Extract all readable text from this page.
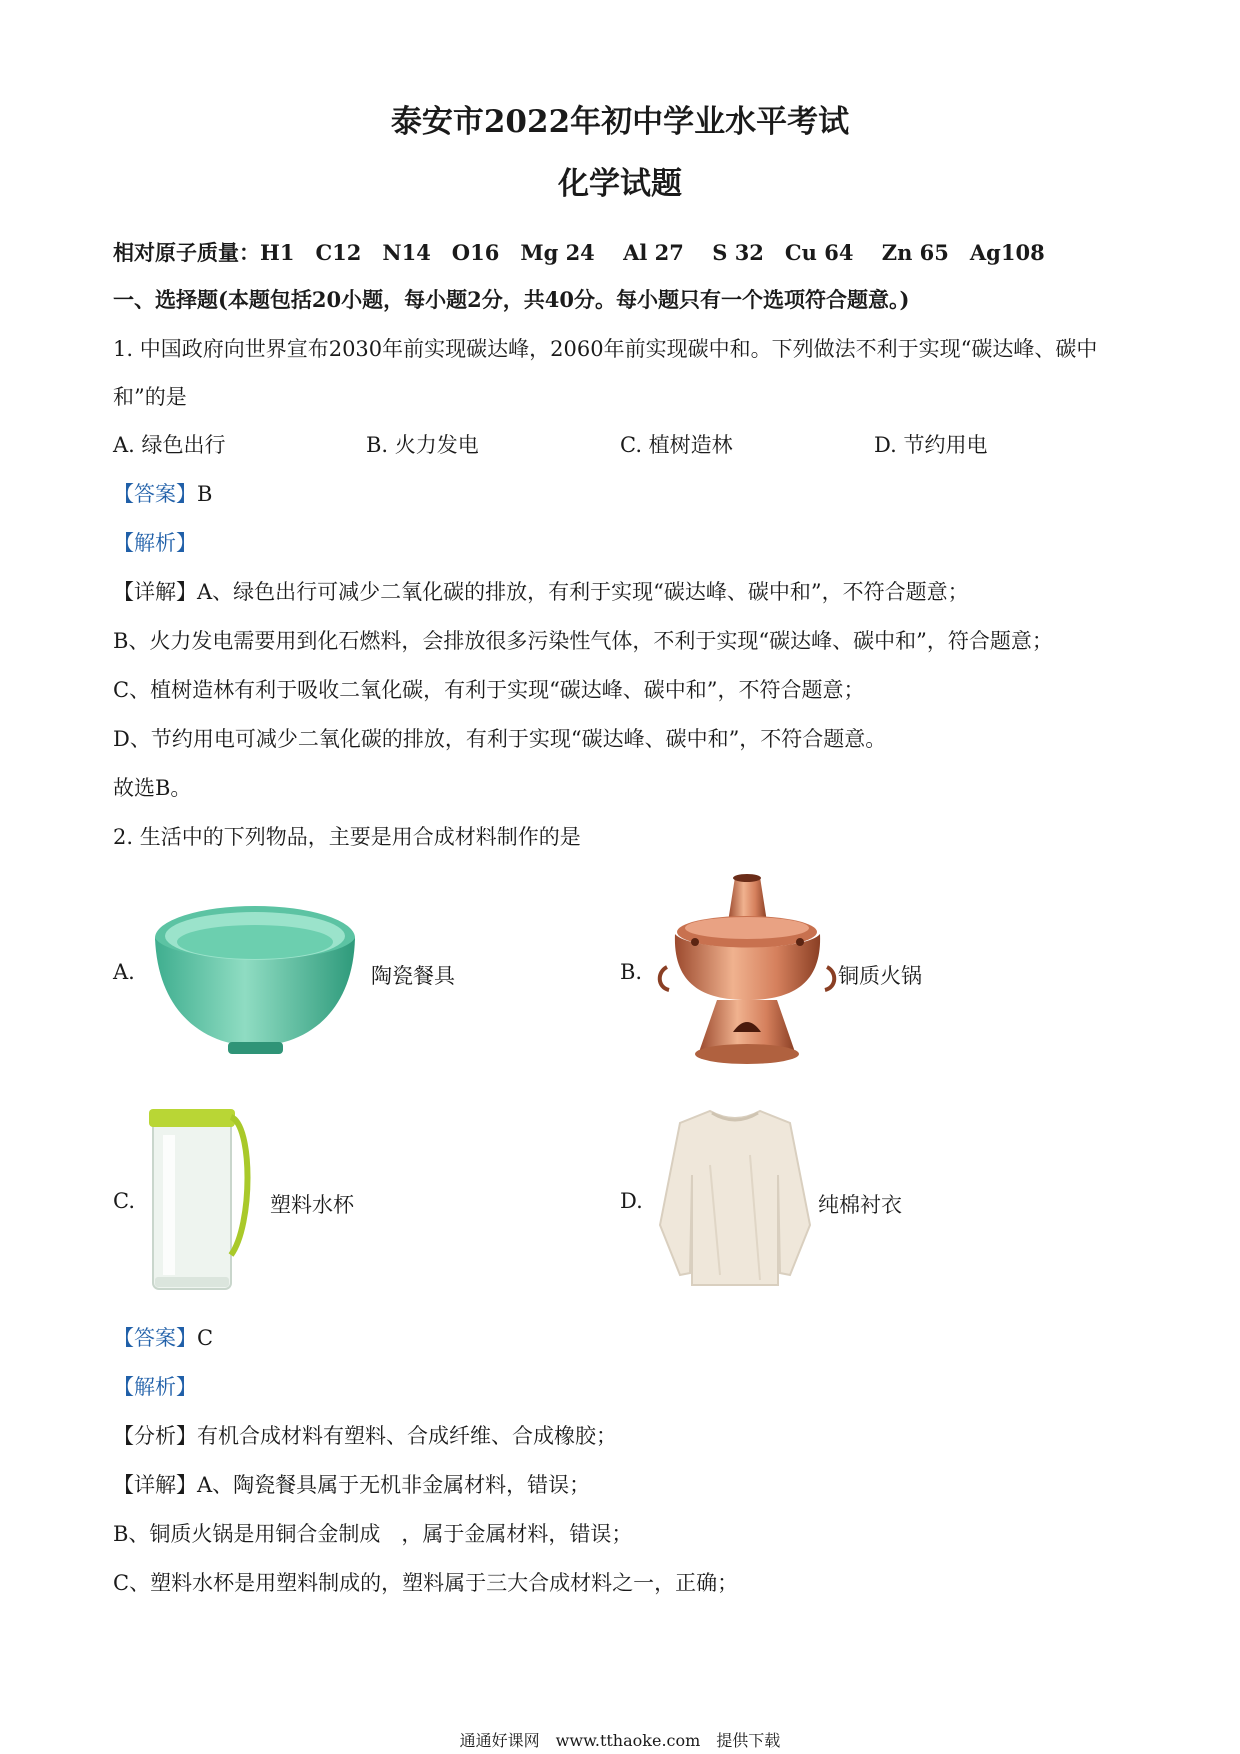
泰安市2022年初中学业水平考试
化学试题
相对原子质量：H1　C12　N14　O16　Mg 24　 Al 27　 S 32　Cu 64　 Zn 65　Ag108
一、选择题(本题包括20小题，每小题2分，共40分。每小题只有一个选项符合题意。)
1. 中国政府向世界宣布2030年前实现碳达峰，2060年前实现碳中和。下列做法不利于实现“碳达峰、碳中
和”的是
A. 绿色出行	B. 火力发电	C. 植树造林	D. 节约用电
【答案】B
【解析】
【详解】A、绿色出行可减少二氧化碳的排放，有利于实现“碳达峰、碳中和”，不符合题意；
B、火力发电需要用到化石燃料，会排放很多污染性气体，不利于实现“碳达峰、碳中和”，符合题意；
C、植树造林有利于吸收二氧化碳，有利于实现“碳达峰、碳中和”，不符合题意；
D、节约用电可减少二氧化碳的排放，有利于实现“碳达峰、碳中和”，不符合题意。
故选B。
2. 生活中的下列物品，主要是用合成材料制作的是
A.	陶瓷餐具	B.	铜质火锅
C.	塑料水杯	D.	纯棉衬衣
【答案】C
【解析】
【分析】有机合成材料有塑料、合成纤维、合成橡胶；
【详解】A、陶瓷餐具属于无机非金属材料，错误；
B、铜质火锅是用铜合金制成　，属于金属材料，错误；
C、塑料水杯是用塑料制成的，塑料属于三大合成材料之一，正确；
通通好课网　www.tthaoke.com　提供下载
